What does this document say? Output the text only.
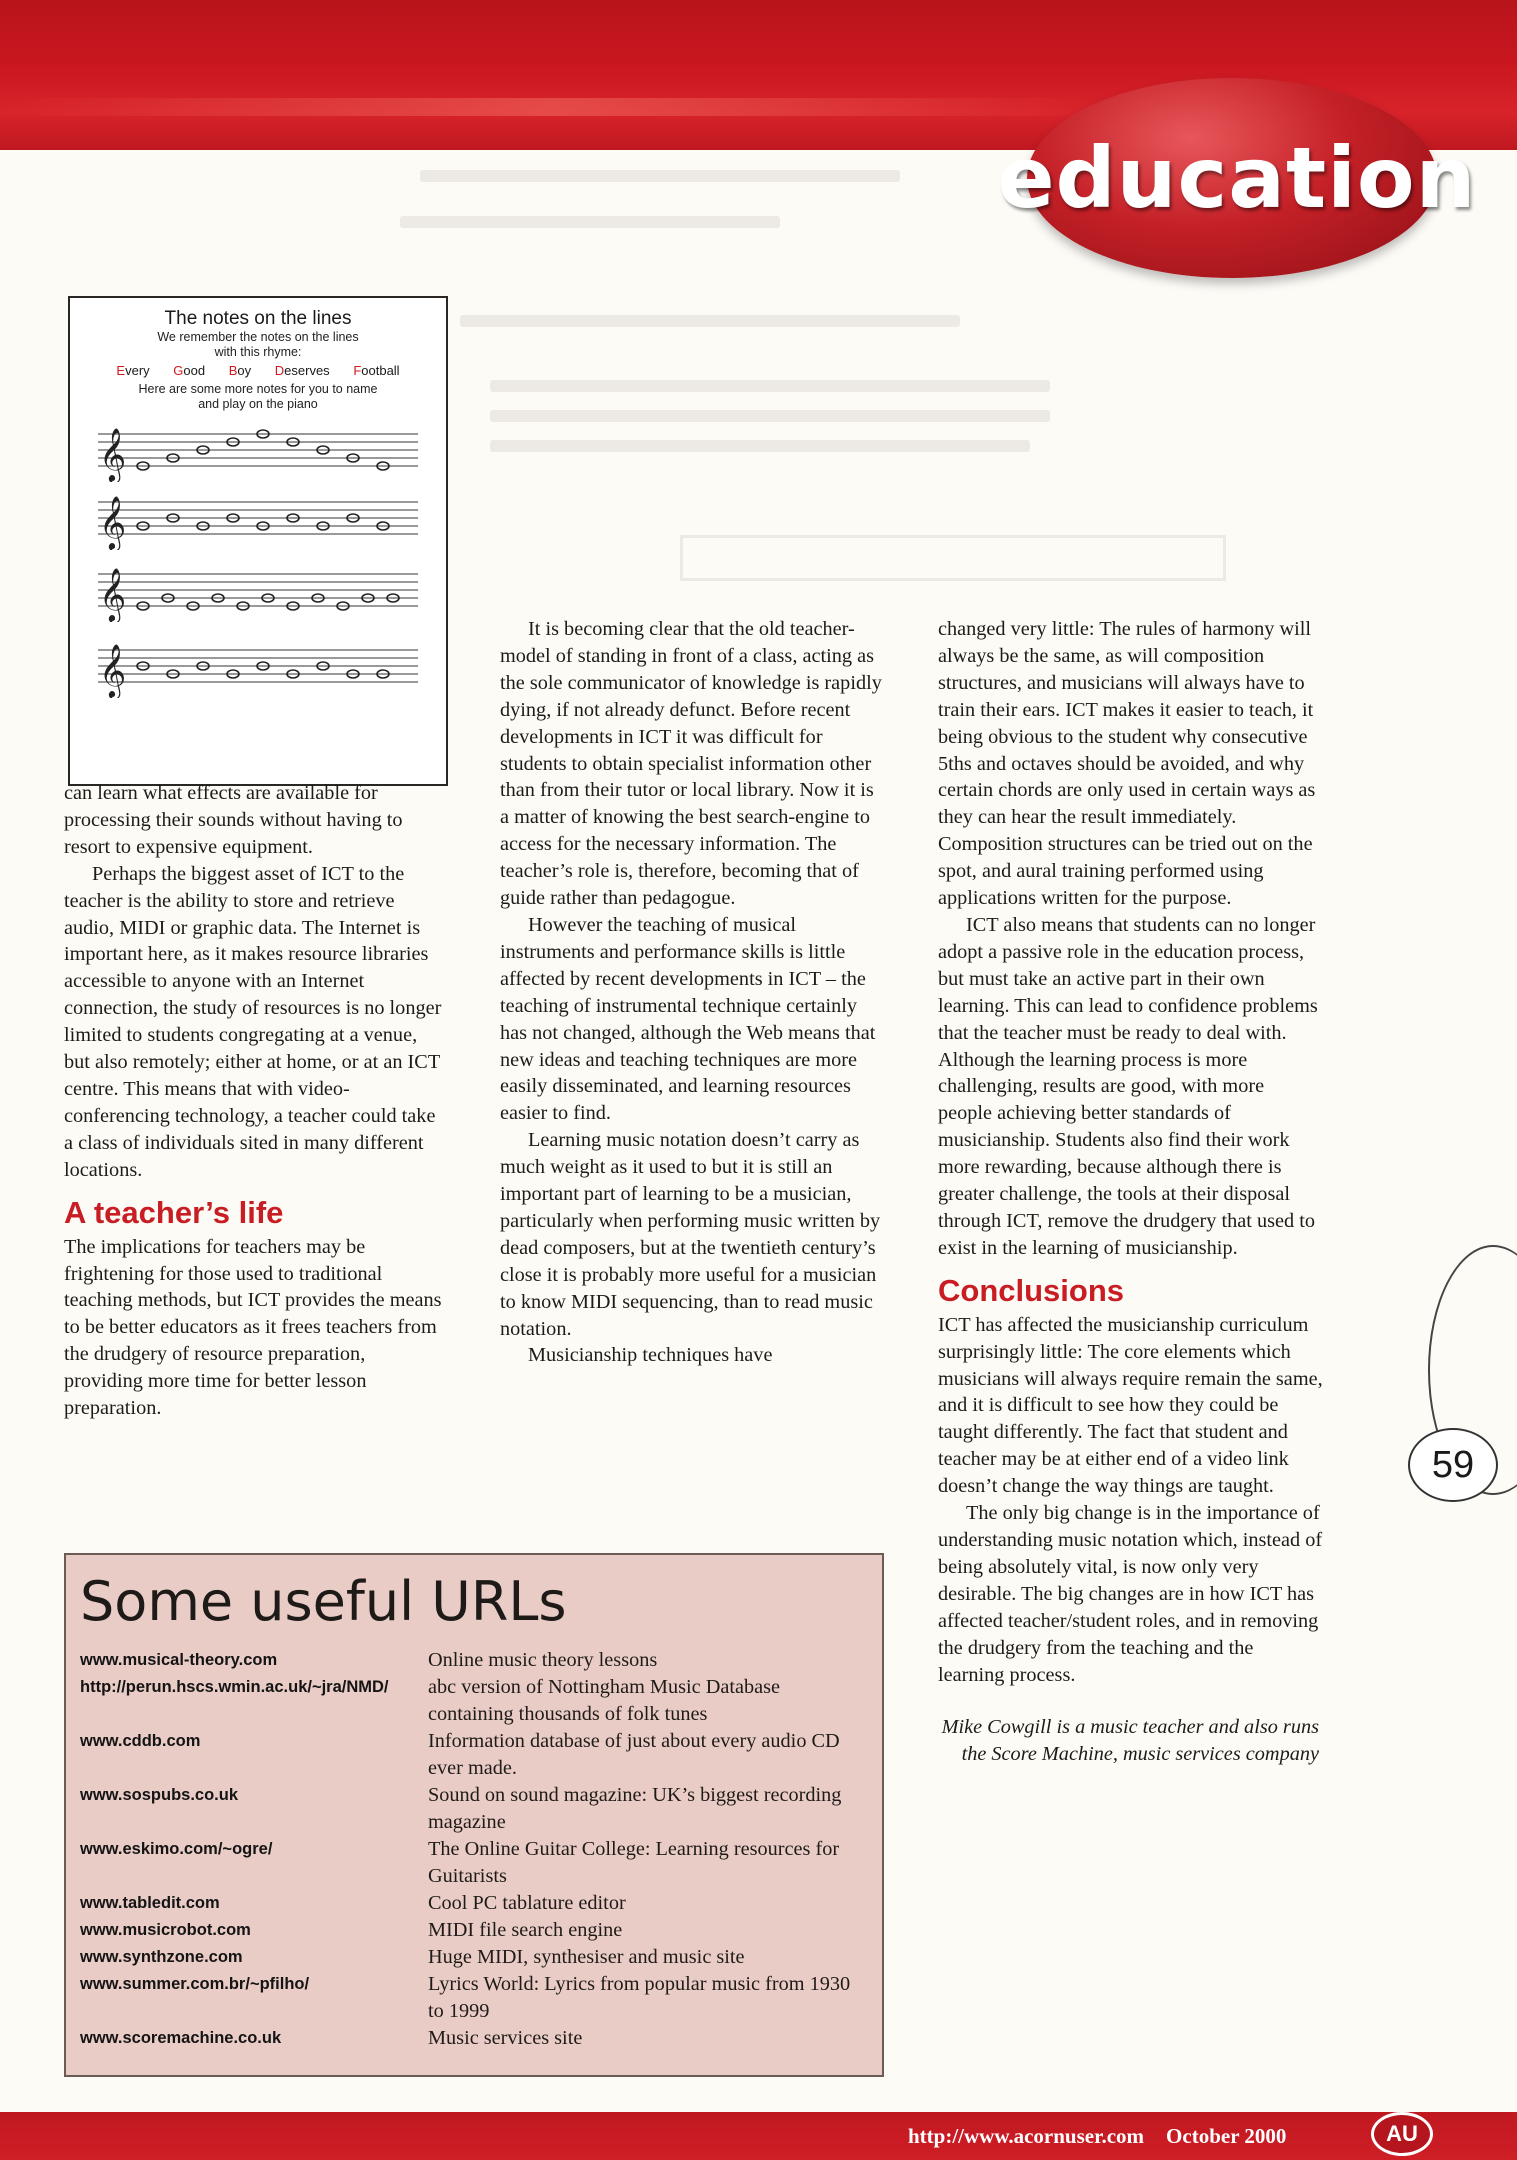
education
The notes on the lines
We remember the notes on the lines
with this rhyme:
Every Good Boy Deserves Football
Here are some more notes for you to name
and play on the piano
𝄞
𝄞
𝄞
𝄞

can learn what effects are available for processing their sounds without having to resort to expensive equipment.

Perhaps the biggest asset of ICT to the teacher is the ability to store and retrieve audio, MIDI or graphic data. The Internet is important here, as it makes resource libraries accessible to anyone with an Internet connection, the study of resources is no longer limited to students congregating at a venue, but also remotely; either at home, or at an ICT centre. This means that with video-conferencing technology, a teacher could take a class of individuals sited in many different locations.

A teacher’s life

The implications for teachers may be frightening for those used to traditional teaching methods, but ICT provides the means to be better educators as it frees teachers from the drudgery of resource preparation, providing more time for better lesson preparation.

It is becoming clear that the old teacher-model of standing in front of a class, acting as the sole communicator of knowledge is rapidly dying, if not already defunct. Before recent developments in ICT it was difficult for students to obtain specialist information other than from their tutor or local library. Now it is a matter of knowing the best search-engine to access for the necessary information. The teacher’s role is, therefore, becoming that of guide rather than pedagogue.

However the teaching of musical instruments and performance skills is little affected by recent developments in ICT – the teaching of instrumental technique certainly has not changed, although the Web means that new ideas and teaching techniques are more easily disseminated, and learning resources easier to find.

Learning music notation doesn’t carry as much weight as it used to but it is still an important part of learning to be a musician, particularly when performing music written by dead composers, but at the twentieth century’s close it is probably more useful for a musician to know MIDI sequencing, than to read music notation.

Musicianship techniques have

changed very little: The rules of harmony will always be the same, as will composition structures, and musicians will always have to train their ears. ICT makes it easier to teach, it being obvious to the student why consecutive 5ths and octaves should be avoided, and why certain chords are only used in certain ways as they can hear the result immediately. Composition structures can be tried out on the spot, and aural training performed using applications written for the purpose.

ICT also means that students can no longer adopt a passive role in the education process, but must take an active part in their own learning. This can lead to confidence problems that the teacher must be ready to deal with. Although the learning process is more challenging, results are good, with more people achieving better standards of musicianship. Students also find their work more rewarding, because although there is greater challenge, the tools at their disposal through ICT, remove the drudgery that used to exist in the learning of musicianship.

Conclusions

ICT has affected the musicianship curriculum surprisingly little: The core elements which musicians will always require remain the same, and it is difficult to see how they could be taught differently. The fact that student and teacher may be at either end of a video link doesn’t change the way things are taught.

The only big change is in the importance of understanding music notation which, instead of being absolutely vital, is now only very desirable. The big changes are in how ICT has affected teacher/student roles, and in removing the drudgery from the teaching and the learning process.

Mike Cowgill is a music teacher and also runs the Score Machine, music services company

Some useful URLs
www.musical-theory.com	Online music theory lessons
http://perun.hscs.wmin.ac.uk/~jra/NMD/	abc version of Nottingham Music Database containing thousands of folk tunes
www.cddb.com	Information database of just about every audio CD ever made.
www.sospubs.co.uk	Sound on sound magazine: UK’s biggest recording magazine
www.eskimo.com/~ogre/	The Online Guitar College: Learning resources for Guitarists
www.tabledit.com	Cool PC tablature editor
www.musicrobot.com	MIDI file search engine
www.synthzone.com	Huge MIDI, synthesiser and music site
www.summer.com.br/~pfilho/	Lyrics World: Lyrics from popular music from 1930 to 1999
www.scoremachine.co.uk	Music services site
59
http://www.acornuser.com October 2000	AU
